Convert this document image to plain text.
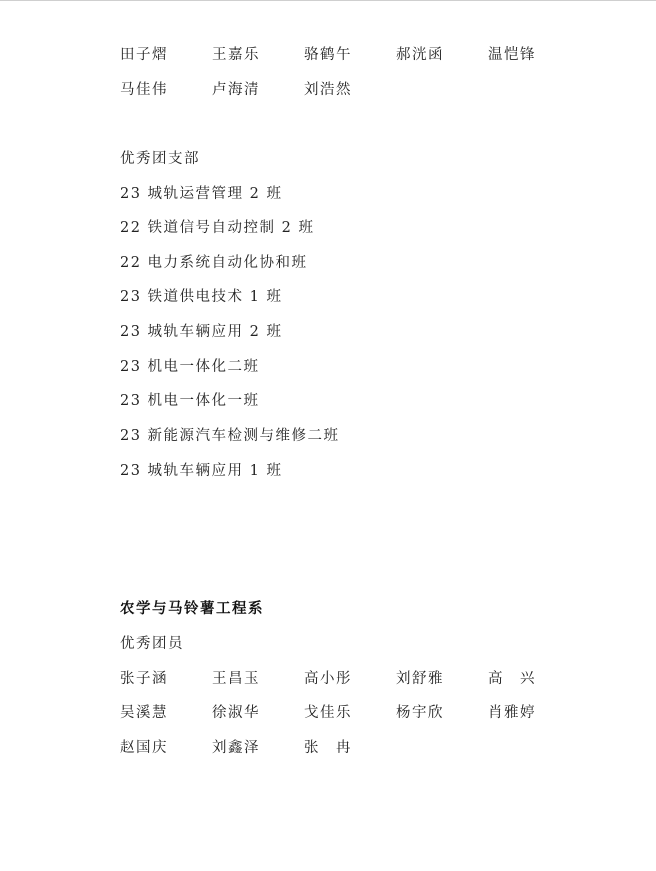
田子熠	王嘉乐	骆鹤午	郝洸函	温恺锋
马佳伟	卢海清	刘浩然
优秀团支部
23 城轨运营管理 2 班
22 铁道信号自动控制 2 班
22 电力系统自动化协和班
23 铁道供电技术 1 班
23 城轨车辆应用 2 班
23 机电一体化二班
23 机电一体化一班
23 新能源汽车检测与维修二班
23 城轨车辆应用 1 班
农学与马铃薯工程系
优秀团员
张子涵	王昌玉	高小彤	刘舒雅	高　兴
吴溪慧	徐淑华	戈佳乐	杨宇欣	肖雅婷
赵国庆	刘鑫泽	张　冉
